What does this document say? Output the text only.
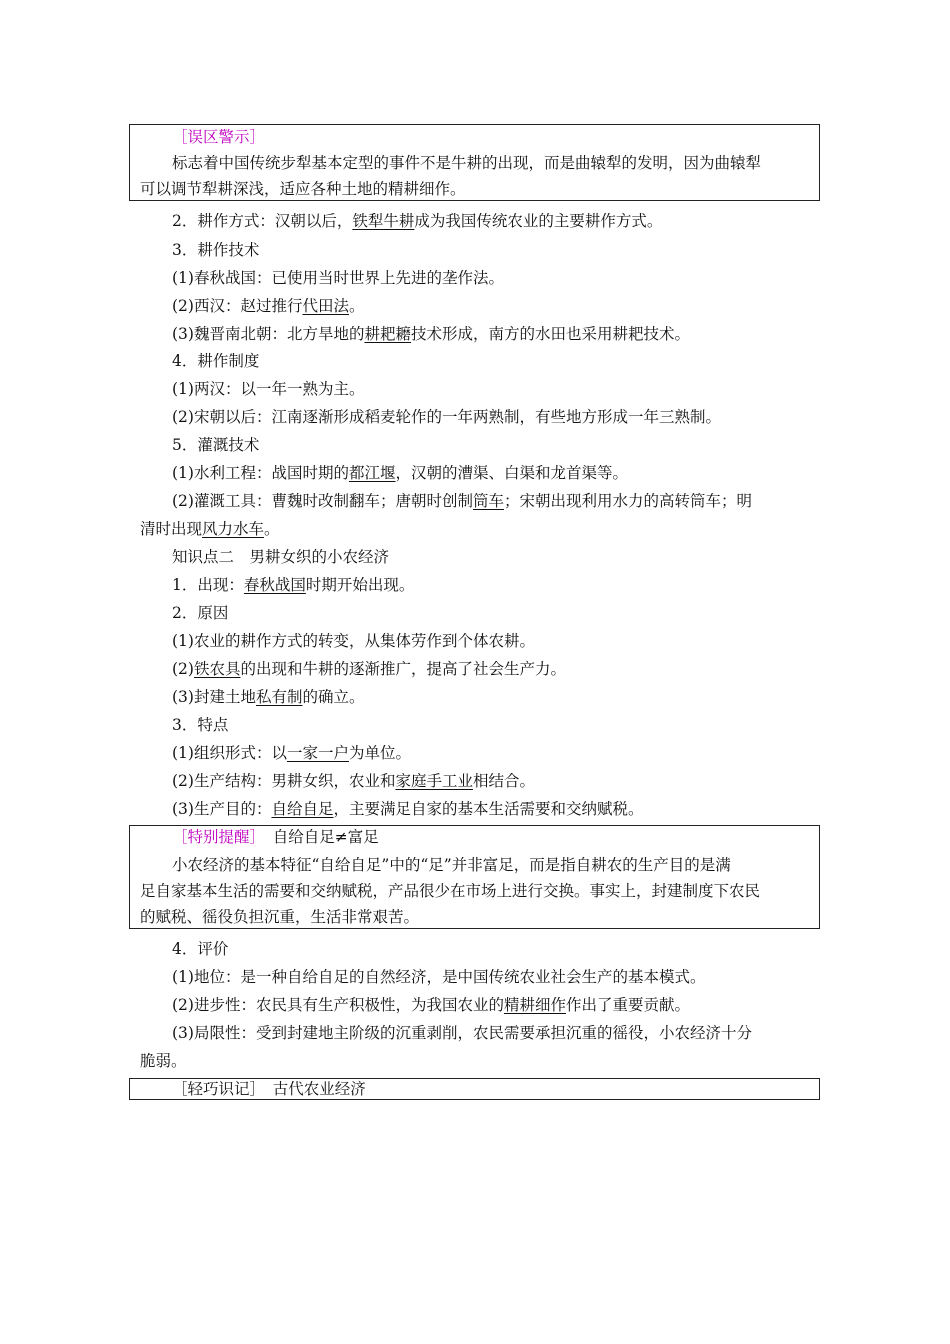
［误区警示］
标志着中国传统步犁基本定型的事件不是牛耕的出现，而是曲辕犁的发明，因为曲辕犁
可以调节犁耕深浅，适应各种土地的精耕细作。
2．耕作方式：汉朝以后，铁犁牛耕成为我国传统农业的主要耕作方式。
3．耕作技术
(1)春秋战国：已使用当时世界上先进的垄作法。
(2)西汉：赵过推行代田法。
(3)魏晋南北朝：北方旱地的耕耙耱技术形成，南方的水田也采用耕耙技术。
4．耕作制度
(1)两汉：以一年一熟为主。
(2)宋朝以后：江南逐渐形成稻麦轮作的一年两熟制，有些地方形成一年三熟制。
5．灌溉技术
(1)水利工程：战国时期的都江堰，汉朝的漕渠、白渠和龙首渠等。
(2)灌溉工具：曹魏时改制翻车；唐朝时创制筒车；宋朝出现利用水力的高转筒车；明
清时出现风力水车。
知识点二　男耕女织的小农经济
1．出现：春秋战国时期开始出现。
2．原因
(1)农业的耕作方式的转变，从集体劳作到个体农耕。
(2)铁农具的出现和牛耕的逐渐推广，提高了社会生产力。
(3)封建土地私有制的确立。
3．特点
(1)组织形式：以一家一户为单位。
(2)生产结构：男耕女织，农业和家庭手工业相结合。
(3)生产目的：自给自足，主要满足自家的基本生活需要和交纳赋税。
［特别提醒］  自给自足≠富足
小农经济的基本特征“自给自足”中的“足”并非富足，而是指自耕农的生产目的是满
足自家基本生活的需要和交纳赋税，产品很少在市场上进行交换。事实上，封建制度下农民
的赋税、徭役负担沉重，生活非常艰苦。
4．评价
(1)地位：是一种自给自足的自然经济，是中国传统农业社会生产的基本模式。
(2)进步性：农民具有生产积极性，为我国农业的精耕细作作出了重要贡献。
(3)局限性：受到封建地主阶级的沉重剥削，农民需要承担沉重的徭役，小农经济十分
脆弱。
［轻巧识记］  古代农业经济
